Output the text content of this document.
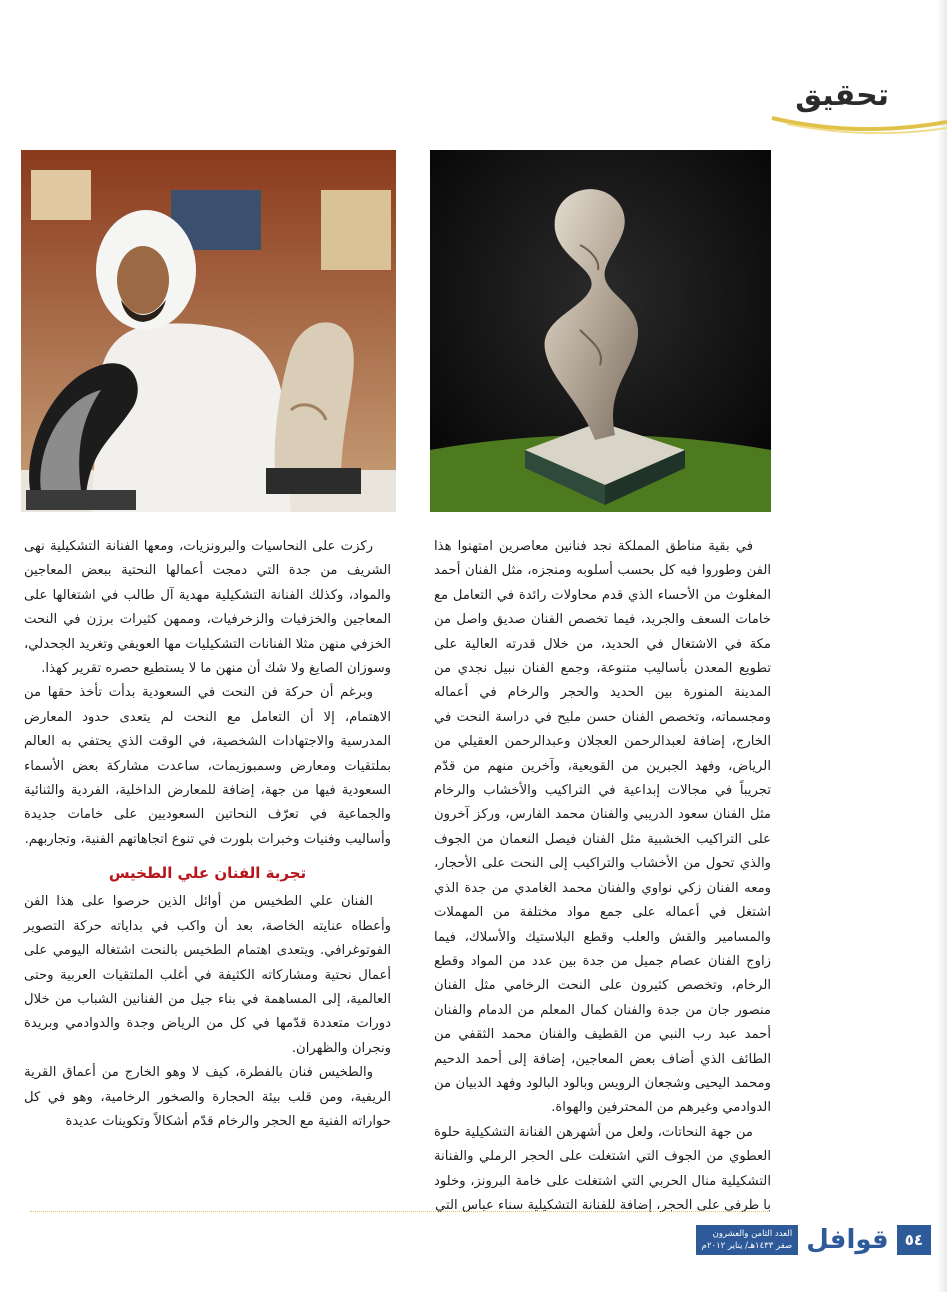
تحقيق

في بقية مناطق المملكة نجد فنانين معاصرين امتهنوا هذا الفن وطوروا فيه كل بحسب أسلوبه ومنجزه، مثل الفنان أحمد المغلوث من الأحساء الذي قدم محاولات رائدة في التعامل مع خامات السعف والجريد، فيما تخصص الفنان صديق واصل من مكة في الاشتغال في الحديد، من خلال قدرته العالية على تطويع المعدن بأساليب متنوعة، وجمع الفنان نبيل نجدي من المدينة المنورة بين الحديد والحجر والرخام في أعماله ومجسماته، وتخصص الفنان حسن مليح في دراسة النحت في الخارج، إضافة لعبدالرحمن العجلان وعبدالرحمن العقيلي من الرياض، وفهد الجبرين من القويعية، وآخرين منهم من قدّم تجريباً في مجالات إبداعية في التراكيب والأخشاب والرخام مثل الفنان سعود الدريبي والفنان محمد الفارس، وركز آخرون على التراكيب الخشبية مثل الفنان فيصل النعمان من الجوف والذي تحول من الأخشاب والتراكيب إلى النحت على الأحجار، ومعه الفنان زكي نواوي والفنان محمد الغامدي من جدة الذي اشتغل في أعماله على جمع مواد مختلفة من المهملات والمسامير والقش والعلب وقطع البلاستيك والأسلاك، فيما زاوج الفنان عصام جميل من جدة بين عدد من المواد وقطع الرخام، وتخصص كثيرون على النحت الرخامي مثل الفنان منصور جان من جدة والفنان كمال المعلم من الدمام والفنان أحمد عبد رب النبي من القطيف والفنان محمد الثقفي من الطائف الذي أضاف بعض المعاجين، إضافة إلى أحمد الدحيم ومحمد اليحيى وشجعان الرويس وبالود البالود وفهد الدبيان من الدوادمي وغيرهم من المحترفين والهواة.

من جهة النحاتات، ولعل من أشهرهن الفنانة التشكيلية حلوة العطوي من الجوف التي اشتغلت على الحجر الرملي والفنانة التشكيلية منال الحربي التي اشتغلت على خامة البرونز، وخلود با طرفي على الحجر، إضافة للفنانة التشكيلية سناء عباس التي

ركزت على النحاسيات والبرونزيات، ومعها الفنانة التشكيلية نهى الشريف من جدة التي دمجت أعمالها النحتية ببعض المعاجين والمواد، وكذلك الفنانة التشكيلية مهدية آل طالب في اشتغالها على المعاجين والخزفيات والزخرفيات، وممهن كثيرات برزن في النحت الخزفي منهن مثلا الفنانات التشكيليات مها العويفي وتغريد الجحدلي، وسوزان الصايغ ولا شك أن منهن ما لا يستطيع حصره تقرير كهذا.

وبرغم أن حركة فن النحت في السعودية بدأت تأخذ حقها من الاهتمام، إلا أن التعامل مع النحت لم يتعدى حدود المعارض المدرسية والاجتهادات الشخصية، في الوقت الذي يحتفي به العالم بملتقيات ومعارض وسمبوزيمات، ساعدت مشاركة بعض الأسماء السعودية فيها من جهة، إضافة للمعارض الداخلية، الفردية والثنائية والجماعية في تعرّف النحاتين السعوديين على خامات جديدة وأساليب وفنيات وخبرات بلورت في تنوع اتجاهاتهم الفنية، وتجاربهم.

تجربة الفنان علي الطخيس

الفنان علي الطخيس من أوائل الذين حرصوا على هذا الفن وأعطاه عنايته الخاصة، بعد أن واكب في بداياته حركة التصوير الفوتوغرافي. ويتعدى اهتمام الطخيس بالنحت اشتغاله اليومي على أعمال نحتية ومشاركاته الكثيفة في أغلب الملتقيات العربية وحتى العالمية، إلى المساهمة في بناء جيل من الفنانين الشباب من خلال دورات متعددة قدّمها في كل من الرياض وجدة والدوادمي وبريدة ونجران والظهران.

والطخيس فنان بالفطرة، كيف لا وهو الخارج من أعماق القرية الريفية، ومن قلب بيئة الحجارة والصخور الرخامية، وهو في كل حواراته الفنية مع الحجر والرخام قدّم أشكالاً وتكوينات عديدة

٥٤
قوافل
العدد الثامن والعشرون
صفر ١٤٣٣هـ/ يناير ٢٠١٢م
